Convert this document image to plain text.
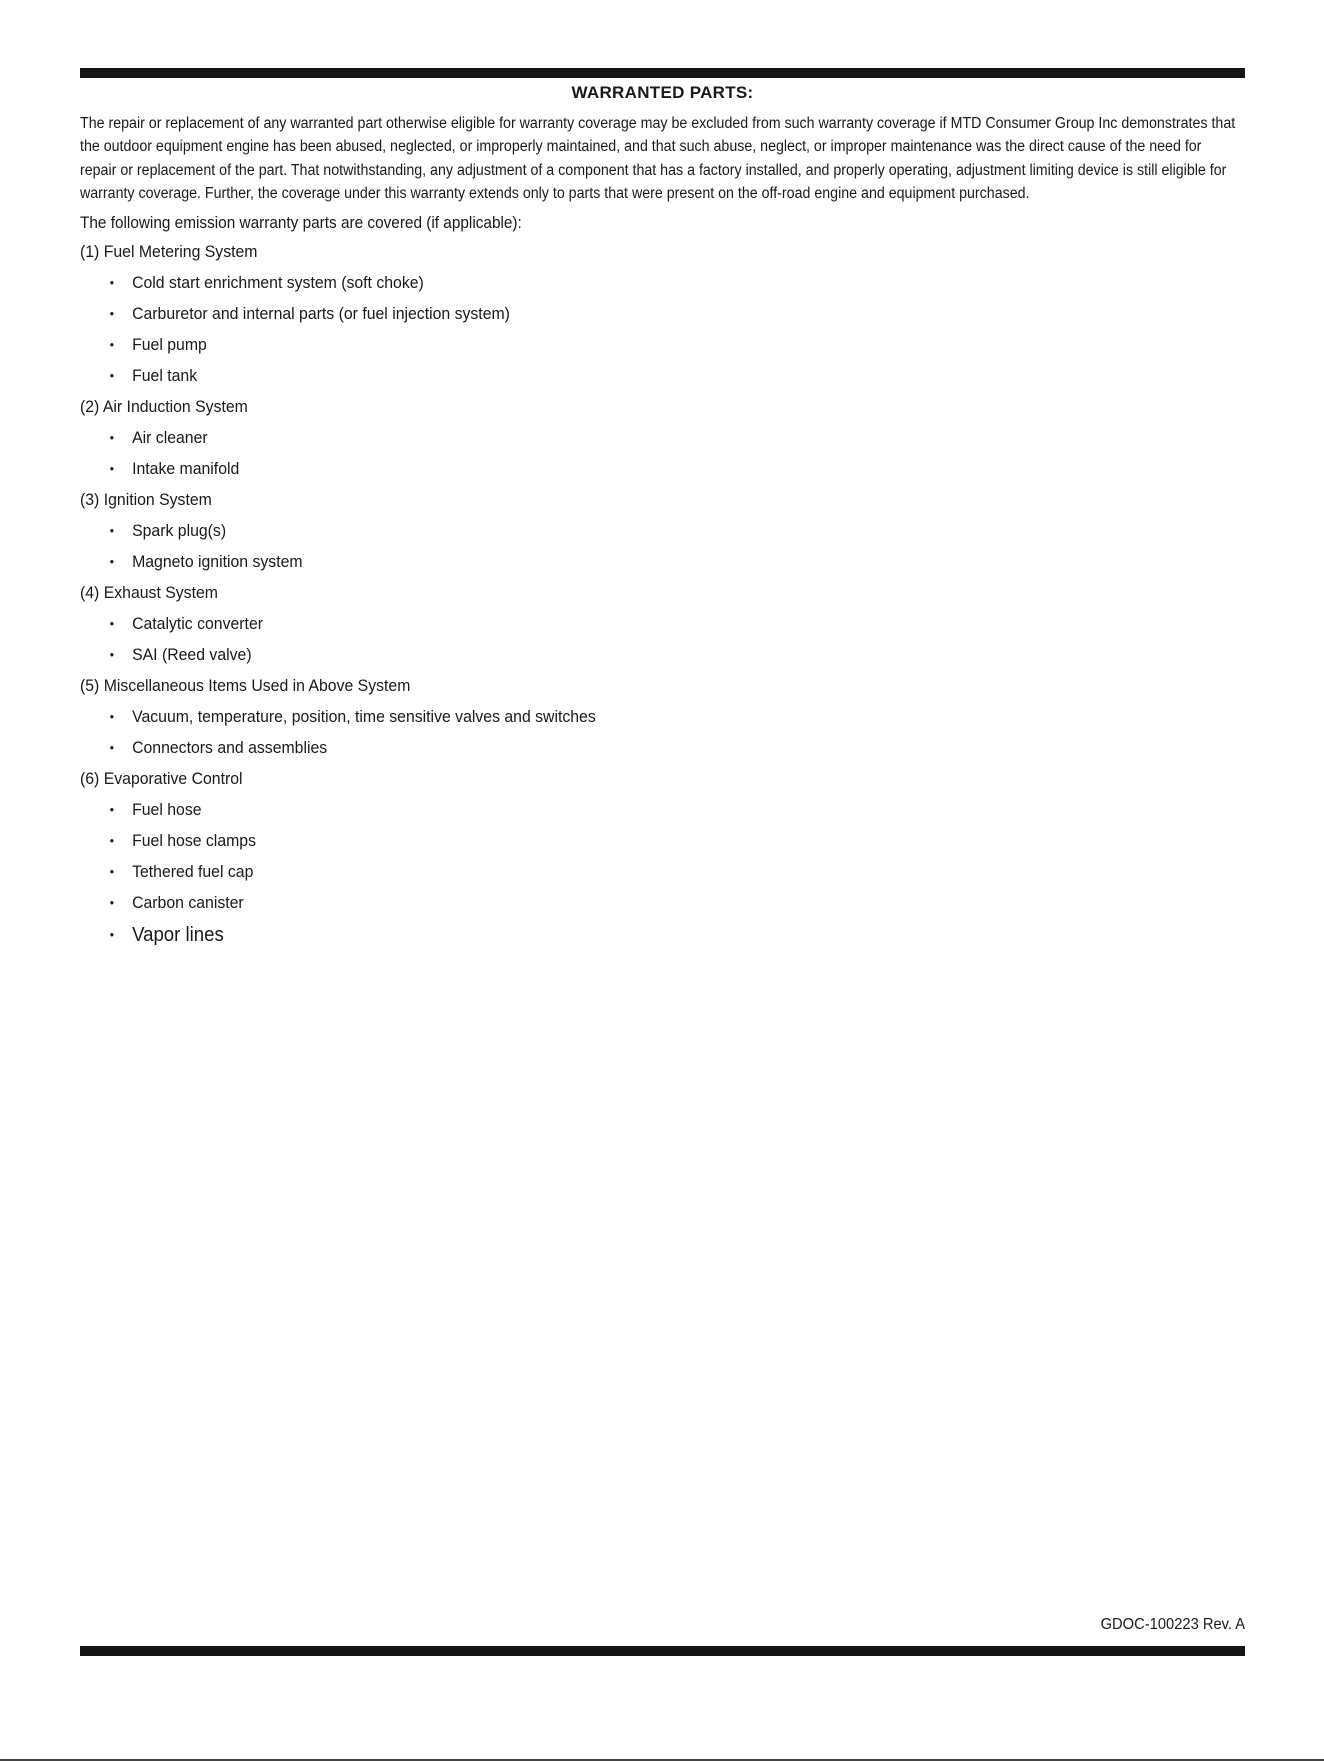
WARRANTED PARTS:

The repair or replacement of any warranted part otherwise eligible for warranty coverage may be excluded from such warranty coverage if MTD Consumer Group Inc demonstrates that the outdoor equipment engine has been abused, neglected, or improperly maintained, and that such abuse, neglect, or improper maintenance was the direct cause of the need for repair or replacement of the part. That notwithstanding, any adjustment of a component that has a factory installed, and properly operating, adjustment limiting device is still eligible for warranty coverage. Further, the coverage under this warranty extends only to parts that were present on the off-road engine and equipment purchased.

The following emission warranty parts are covered (if applicable):

(1) Fuel Metering System
• Cold start enrichment system (soft choke)
• Carburetor and internal parts (or fuel injection system)
• Fuel pump
• Fuel tank
(2) Air Induction System
• Air cleaner
• Intake manifold
(3) Ignition System
• Spark plug(s)
• Magneto ignition system
(4) Exhaust System
• Catalytic converter
• SAI (Reed valve)
(5) Miscellaneous Items Used in Above System
• Vacuum, temperature, position, time sensitive valves and switches
• Connectors and assemblies
(6) Evaporative Control
• Fuel hose
• Fuel hose clamps
• Tethered fuel cap
• Carbon canister
• Vapor lines
GDOC-100223 Rev. A
